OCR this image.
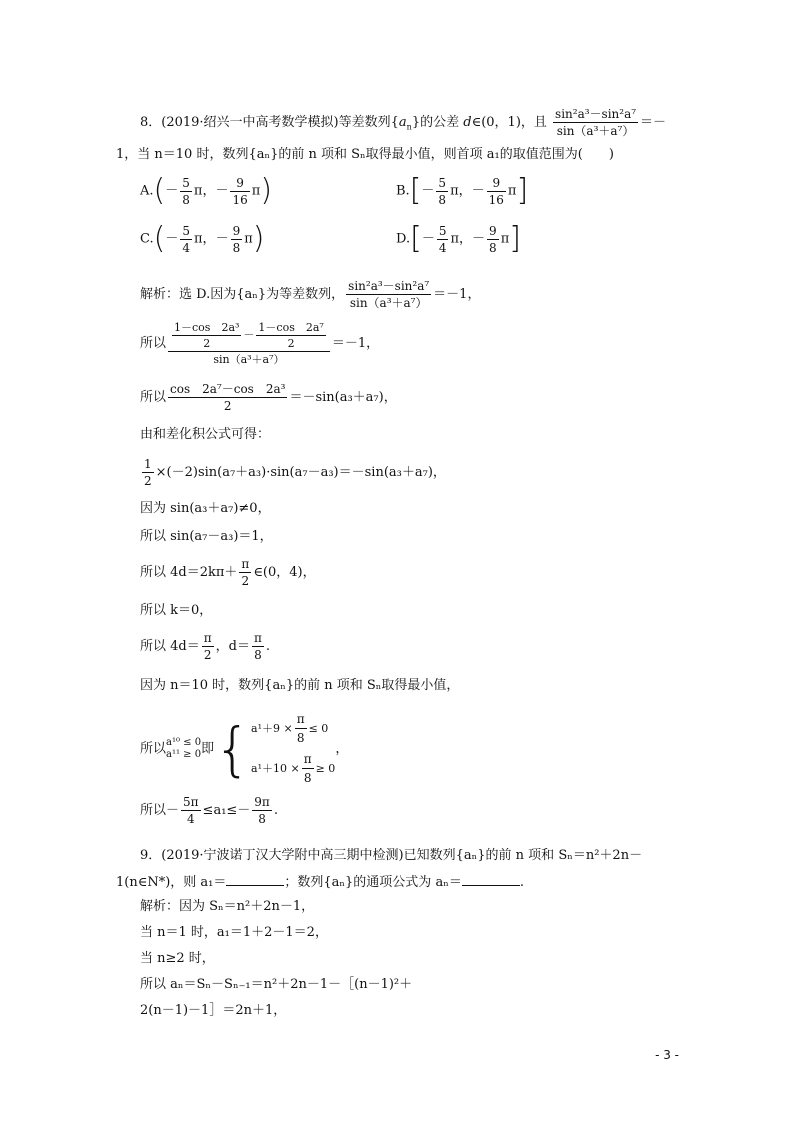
8．(2019·绍兴一中高考数学模拟)等差数列$\{a_n\}$的公差 d∈(0，1)，且 $\frac{\text{sin²a³－sin²a⁷}}{\text{sin（a³＋a⁷）}}$ ＝－
1，当 n＝10 时，数列{aₙ}的前 n 项和 Sₙ取得最小值，则首项 a₁的取值范围为(　　)
$A.(- \frac{5}{8}$ π，－ $\frac{9}{16} \pi$)	$B.[- \frac{5}{8}$ π，－ $\frac{9}{16} \pi$]
$C.(- \frac{5}{4}$ π，－ $\frac{9}{8} \pi$)	$D.[- \frac{5}{4}$ π，－ $\frac{9}{8} \pi$]
解析：选 D.因为{aₙ}为等差数列， $\frac{\text{sin²a³－sin²a⁷}}{\text{sin（a³＋a⁷）}} =-1$，
所以 $\frac{\frac{\text{1－cos　2a³}}{2} - \frac{\text{1－cos　2a⁷}}{2}}{\text{sin（a³＋a⁷）}} =-1$，
所以 $\frac{\text{cos　2a⁷－cos　2a³}}{2} =-\sin(a_3+a_7)$，
由和差化积公式可得：
$\frac{1}{2} \times(-2)\sin(a_7+a_3)\cdot\sin(a_7-a_3)=-\sin(a_3+a_7)$，
因为 sin(a₃＋a₇)≠0，
所以 sin(a₇－a₃)＝1，
所以 $4d=2k\pi+ \frac{\pi}{2}$ ∈(0，4)，
所以 k＝0，
所以 $4d= \frac{\pi}{2}$ ，$d= \frac{\pi}{8}$ .
因为 n＝10 时，数列{aₙ}的前 n 项和 Sₙ取得最小值，
所以 a¹⁰ ≤ 0
a¹¹ ≥ 0 即{ $a^1+9 \times \frac{\pi}{8} \le 0$
$a^1+10 \times \frac{\pi}{8} \ge 0$
，
所以－ $\frac{5\pi}{4} \le a_1\le- \frac{9\pi}{8}$ .
9．(2019·宁波诺丁汉大学附中高三期中检测)已知数列{aₙ}的前 n 项和 Sₙ＝n²＋2n－
1(n∈N*)，则 a₁＝	；数列{aₙ}的通项公式为 aₙ＝	.
解析：因为 Sₙ＝n²＋2n－1，
当 n＝1 时，a₁＝1＋2－1＝2，
当 n≥2 时，
所以 aₙ＝Sₙ－Sₙ₋₁＝n²＋2n－1－［(n－1)²＋
2(n－1)－1］＝2n＋1，
- 3 -
